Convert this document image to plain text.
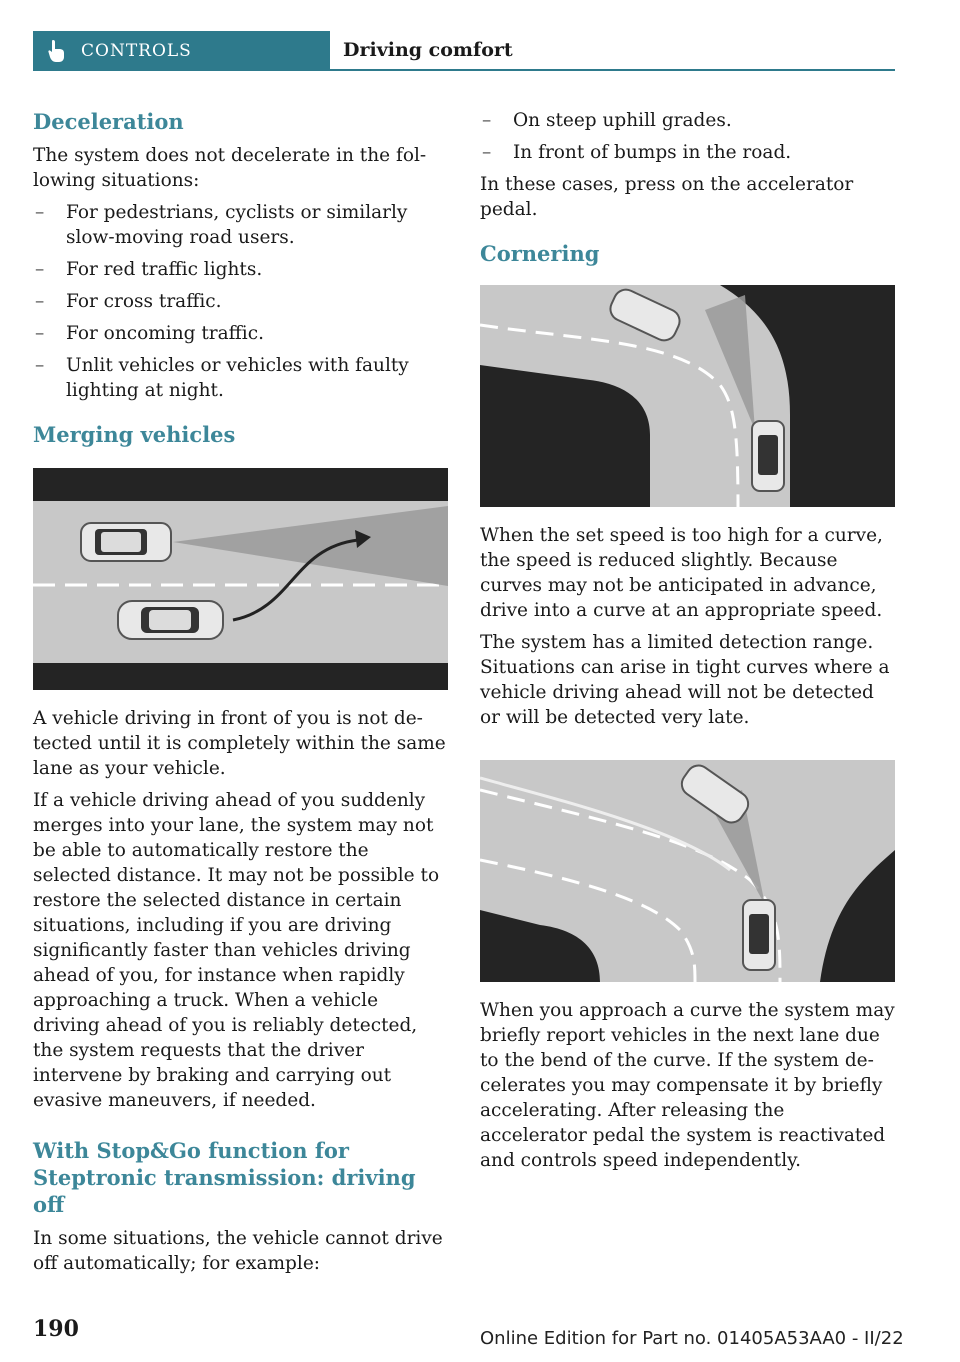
CONTROLS	Driving comfort
Deceleration

The system does not decelerate in the fol‐lowing situations:

– For pedestrians, cyclists or similarly slow-moving road users.
– For red traffic lights.
– For cross traffic.
– For oncoming traffic.
– Unlit vehicles or vehicles with faulty lighting at night.
Merging vehicles

A vehicle driving in front of you is not de‐tected until it is completely within the same lane as your vehicle.

If a vehicle driving ahead of you suddenly merges into your lane, the system may not be able to automatically restore the selected distance. It may not be possible to restore the selected distance in certain situations, including if you are driving significantly faster than vehicles driving ahead of you, for instance when rapidly approaching a truck. When a vehicle driving ahead of you is reliably detected, the system requests that the driver intervene by braking and carrying out evasive maneuvers, if needed.

With Stop&Go function for Steptronic transmission: driving off

In some situations, the vehicle cannot drive off automatically; for example:

– On steep uphill grades.
– In front of bumps in the road.

In these cases, press on the accelerator pedal.

Cornering

When the set speed is too high for a curve, the speed is reduced slightly. Because curves may not be anticipated in advance, drive into a curve at an appropriate speed.

The system has a limited detection range. Situations can arise in tight curves where a vehicle driving ahead will not be detected or will be detected very late.

When you approach a curve the system may briefly report vehicles in the next lane due to the bend of the curve. If the system de‐celerates you may compensate it by briefly accelerating. After releasing the accelerator pedal the system is reactivated and controls speed independently.

190	Online Edition for Part no. 01405A53AA0 - II/22
